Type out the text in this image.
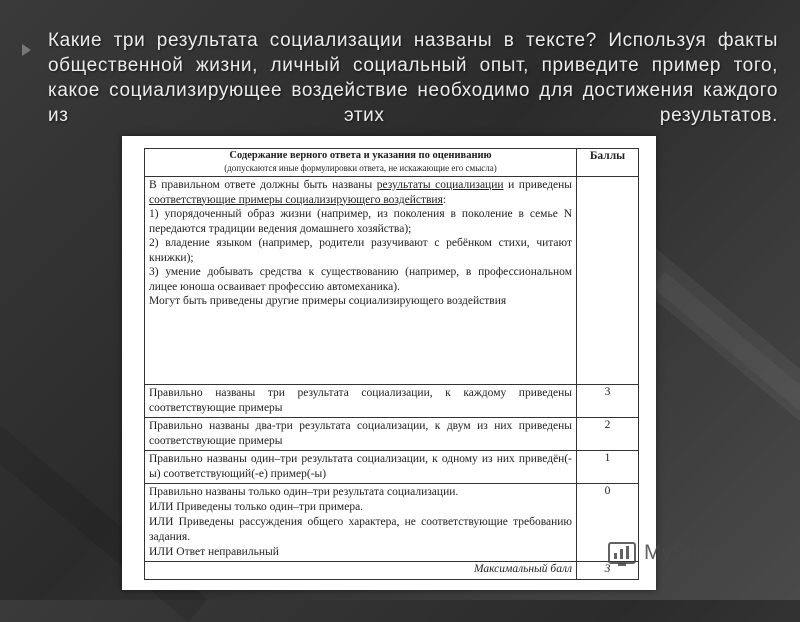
Какие три результата социализации названы в тексте? Используя факты общественной жизни, личный социальный опыт, приведите пример того, какое социализирующее воздействие необходимо для достижения каждого из этих результатов.
Содержание верного ответа и указания по оцениванию
(допускаются иные формулировки ответа, не искажающие его смысла)	Баллы

В правильном ответе должны быть названы результаты социализации и приведены соответствующие примеры социализирующего воздействия:

1) упорядоченный образ жизни (например, из поколения в поколение в семье N передаются традиции ведения домашнего хозяйства);

2) владение языком (например, родители разучивают с ребёнком стихи, читают книжки);

3) умение добывать средства к существованию (например, в профессиональном лицее юноша осваивает профессию автомеханика).

Могут быть приведены другие примеры социализирующего воздействия	

Правильно названы три результата социализации, к каждому приведены соответствующие примеры	3
Правильно названы два-три результата социализации, к двум из них приведены соответствующие примеры	2
Правильно названы один–три результата социализации, к одному из них приведён(-ы) соответствующий(-е) пример(-ы)	1

Правильно названы только один–три результата социализации.
ИЛИ Приведены только один–три примера.
ИЛИ Приведены рассуждения общего характера, не соответствующие требованию задания.
ИЛИ Ответ неправильный	0
Максимальный балл	3
MyShared
